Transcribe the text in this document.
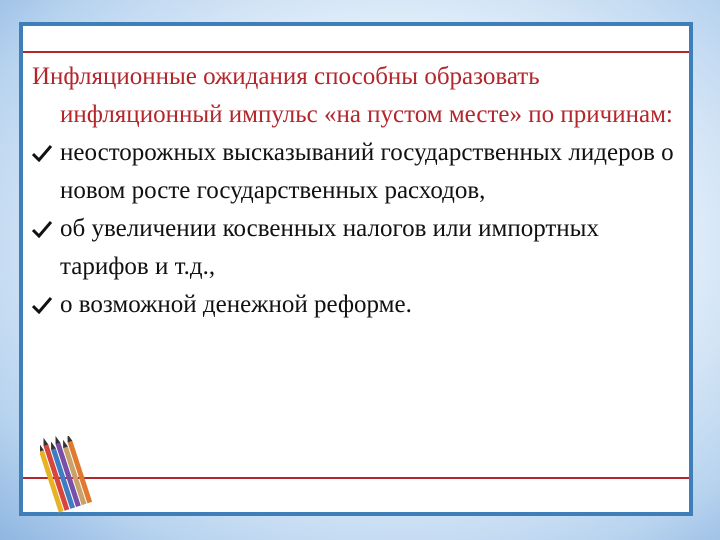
Инфляционные ожидания способны образовать инфляционный импульс «на пустом месте» по причинам:

неосторожных высказываний государственных лидеров о новом росте государственных расходов,
об увеличении косвенных налогов или импортных тарифов и т.д.,
о возможной денежной реформе.
